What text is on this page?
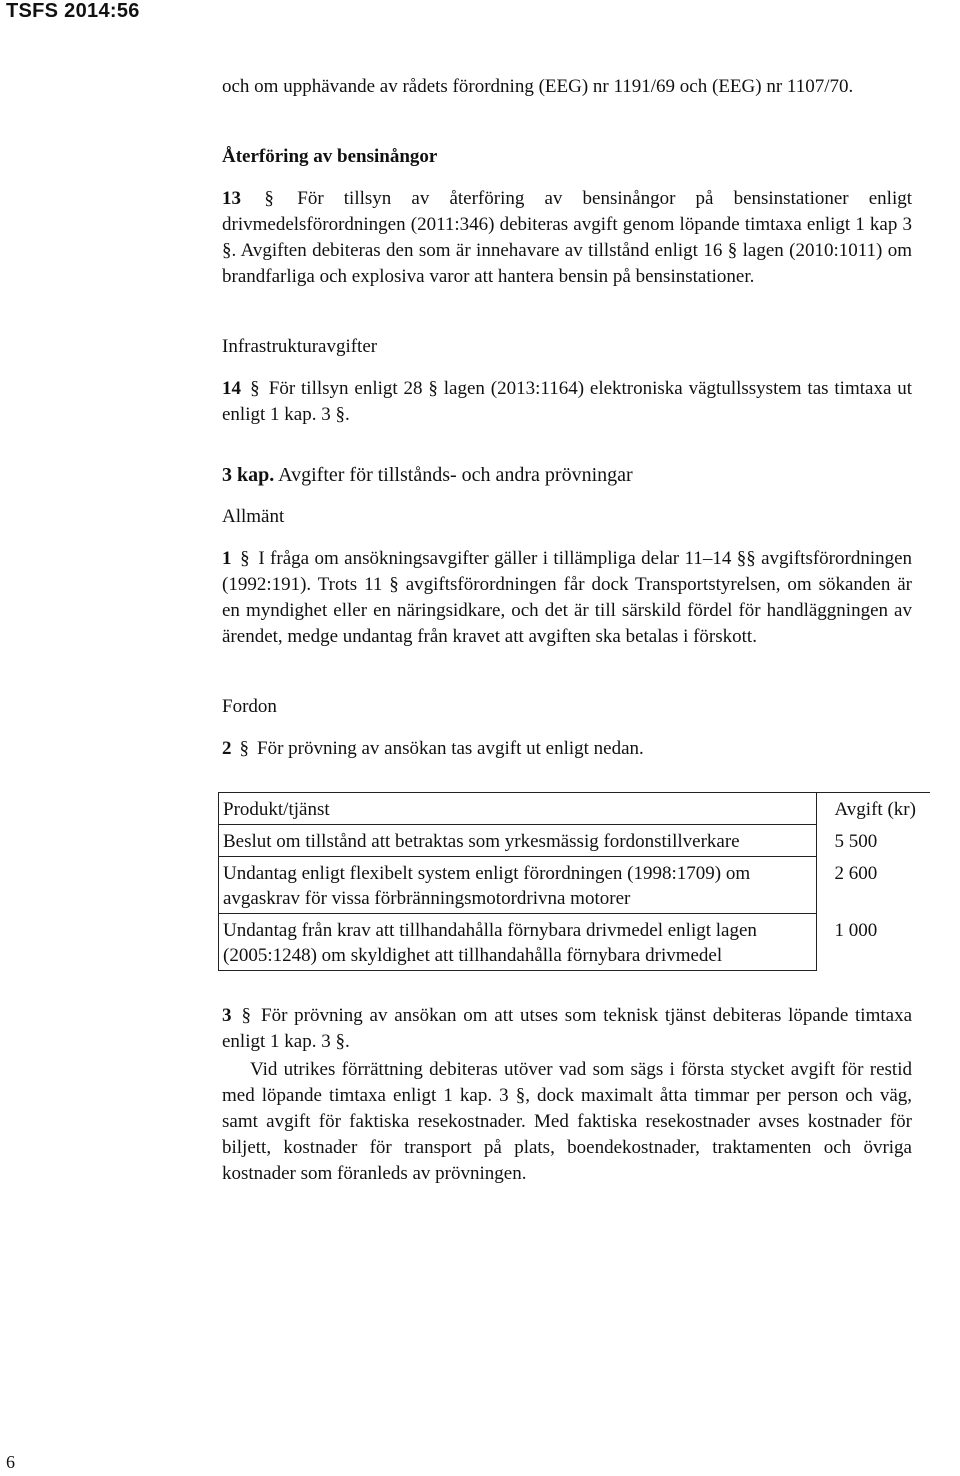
TSFS 2014:56

och om upphävande av rådets förordning (EEG) nr 1191/69 och (EEG) nr 1107/70.

Återföring av bensinångor

13 § För tillsyn av återföring av bensinångor på bensinstationer enligt drivmedelsförordningen (2011:346) debiteras avgift genom löpande timtaxa enligt 1 kap 3 §. Avgiften debiteras den som är innehavare av tillstånd enligt 16 § lagen (2010:1011) om brandfarliga och explosiva varor att hantera bensin på bensinstationer.

Infrastrukturavgifter

14 § För tillsyn enligt 28 § lagen (2013:1164) elektroniska vägtullssystem tas timtaxa ut enligt 1 kap. 3 §.

3 kap. Avgifter för tillstånds- och andra prövningar
Allmänt

1 § I fråga om ansökningsavgifter gäller i tillämpliga delar 11–14 §§ avgiftsförordningen (1992:191). Trots 11 § avgiftsförordningen får dock Transportstyrelsen, om sökanden är en myndighet eller en näringsidkare, och det är till särskild fördel för handläggningen av ärendet, medge undantag från kravet att avgiften ska betalas i förskott.

Fordon

2 § För prövning av ansökan tas avgift ut enligt nedan.

Produkt/tjänst	Avgift (kr)
Beslut om tillstånd att betraktas som yrkesmässig fordonstillverkare	5 500
Undantag enligt flexibelt system enligt förordningen (1998:1709) om avgaskrav för vissa förbränningsmotordrivna motorer	2 600
Undantag från krav att tillhandahålla förnybara drivmedel enligt lagen (2005:1248) om skyldighet att tillhandahålla förnybara drivmedel	1 000

3 § För prövning av ansökan om att utses som teknisk tjänst debiteras löpande timtaxa enligt 1 kap. 3 §.

Vid utrikes förrättning debiteras utöver vad som sägs i första stycket avgift för restid med löpande timtaxa enligt 1 kap. 3 §, dock maximalt åtta timmar per person och väg, samt avgift för faktiska resekostnader. Med faktiska resekostnader avses kostnader för biljett, kostnader för transport på plats, boendekostnader, traktamenten och övriga kostnader som föranleds av prövningen.

6
